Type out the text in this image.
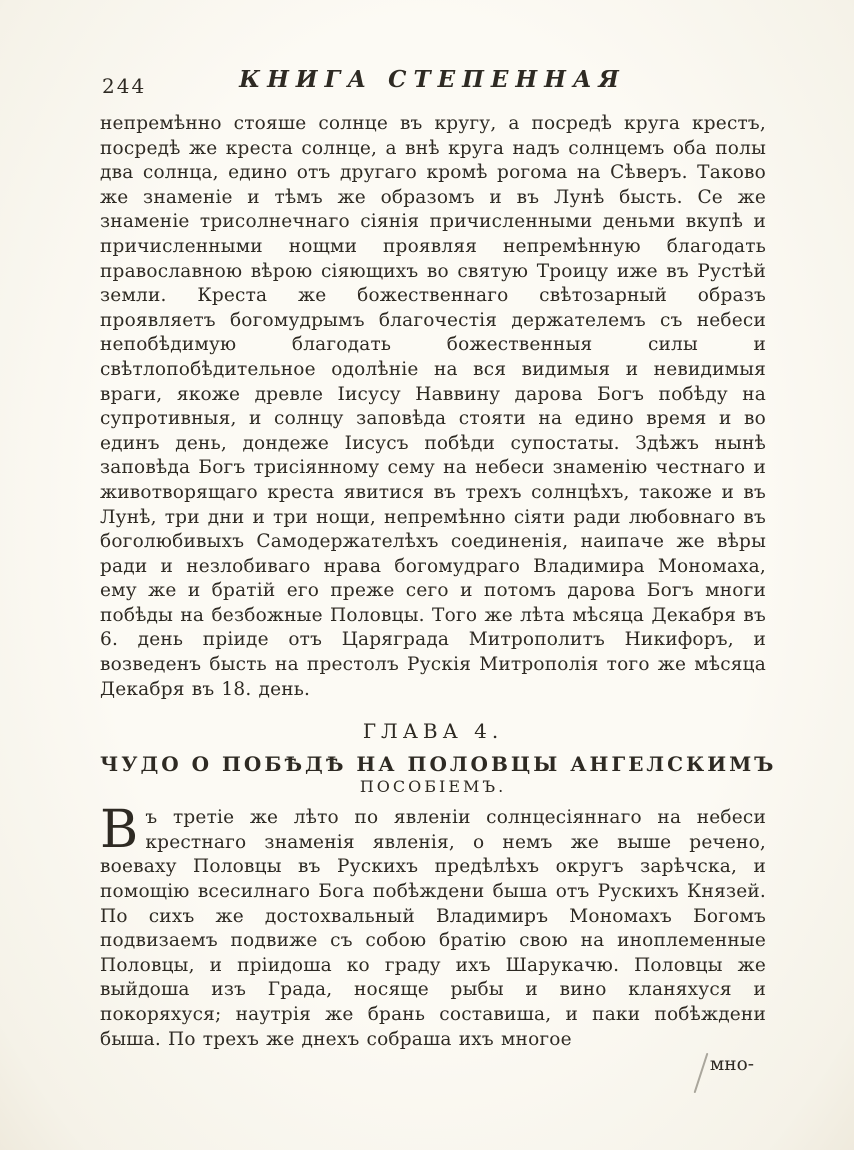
244	КНИГА СТЕПЕННАЯ

непремѣнно стояше солнце въ кругу, а посредѣ круга крестъ, посредѣ же креста солнце, а внѣ круга надъ солнцемъ оба полы два солнца, едино отъ другаго кромѣ рогома на Сѣверъ. Таково же знаменіе и тѣмъ же образомъ и въ Лунѣ бысть. Се же знаменіе трисолнечнаго сіянія причисленными деньми вкупѣ и причисленными нощми проявляя непремѣнную благодать православною вѣрою сіяющихъ во святую Троицу иже въ Рустѣй земли. Креста же божественнаго свѣтозарный образъ проявляетъ богомудрымъ благочестія держателемъ съ небеси непобѣдимую благодать божественныя силы и свѣтлопобѣдительное одолѣніе на вся видимыя и невидимыя враги, якоже древле Іисусу Наввину дарова Богъ побѣду на супротивныя, и солнцу заповѣда стояти на едино время и во единъ день, дондеже Іисусъ побѣди супостаты. Здѣжъ нынѣ заповѣда Богъ трисіянному сему на небеси знаменію честнаго и животворящаго креста явитися въ трехъ солнцѣхъ, такоже и въ Лунѣ, три дни и три нощи, непремѣнно сіяти ради любовнаго въ боголюбивыхъ Самодержателѣхъ соединенія, наипаче же вѣры ради и незлобиваго нрава богомудраго Владимира Мономаха, ему же и братій его преже сего и потомъ дарова Богъ многи побѣды на безбожные Половцы. Того же лѣта мѣсяца Декабря въ 6. день пріиде отъ Царяграда Митрополитъ Никифоръ, и возведенъ бысть на престолъ Рускія Митрополія того же мѣсяца Декабря въ 18. день.

ГЛАВА 4.
ЧУДО О ПОБѢДѢ НА ПОЛОВЦЫ АНГЕЛСКИМЪ
ПОСОБІЕМЪ.

Въ третіе же лѣто по явленіи солнцесіяннаго на небеси крестнаго знаменія явленія, о немъ же выше речено, воеваху Половцы въ Рускихъ предѣлѣхъ округъ зарѣчска, и помощію всесилнаго Бога побѣждени быша отъ Рускихъ Князей. По сихъ же достохвальный Владимиръ Мономахъ Богомъ подвизаемъ подвиже съ собою братію свою на иноплеменные Половцы, и пріидоша ко граду ихъ Шарукачю. Половцы же выйдоша изъ Града, носяще рыбы и вино кланяхуся и покоряхуся; наутрія же брань составиша, и паки побѣждени быша. По трехъ же днехъ собраша ихъ многое

мно-
